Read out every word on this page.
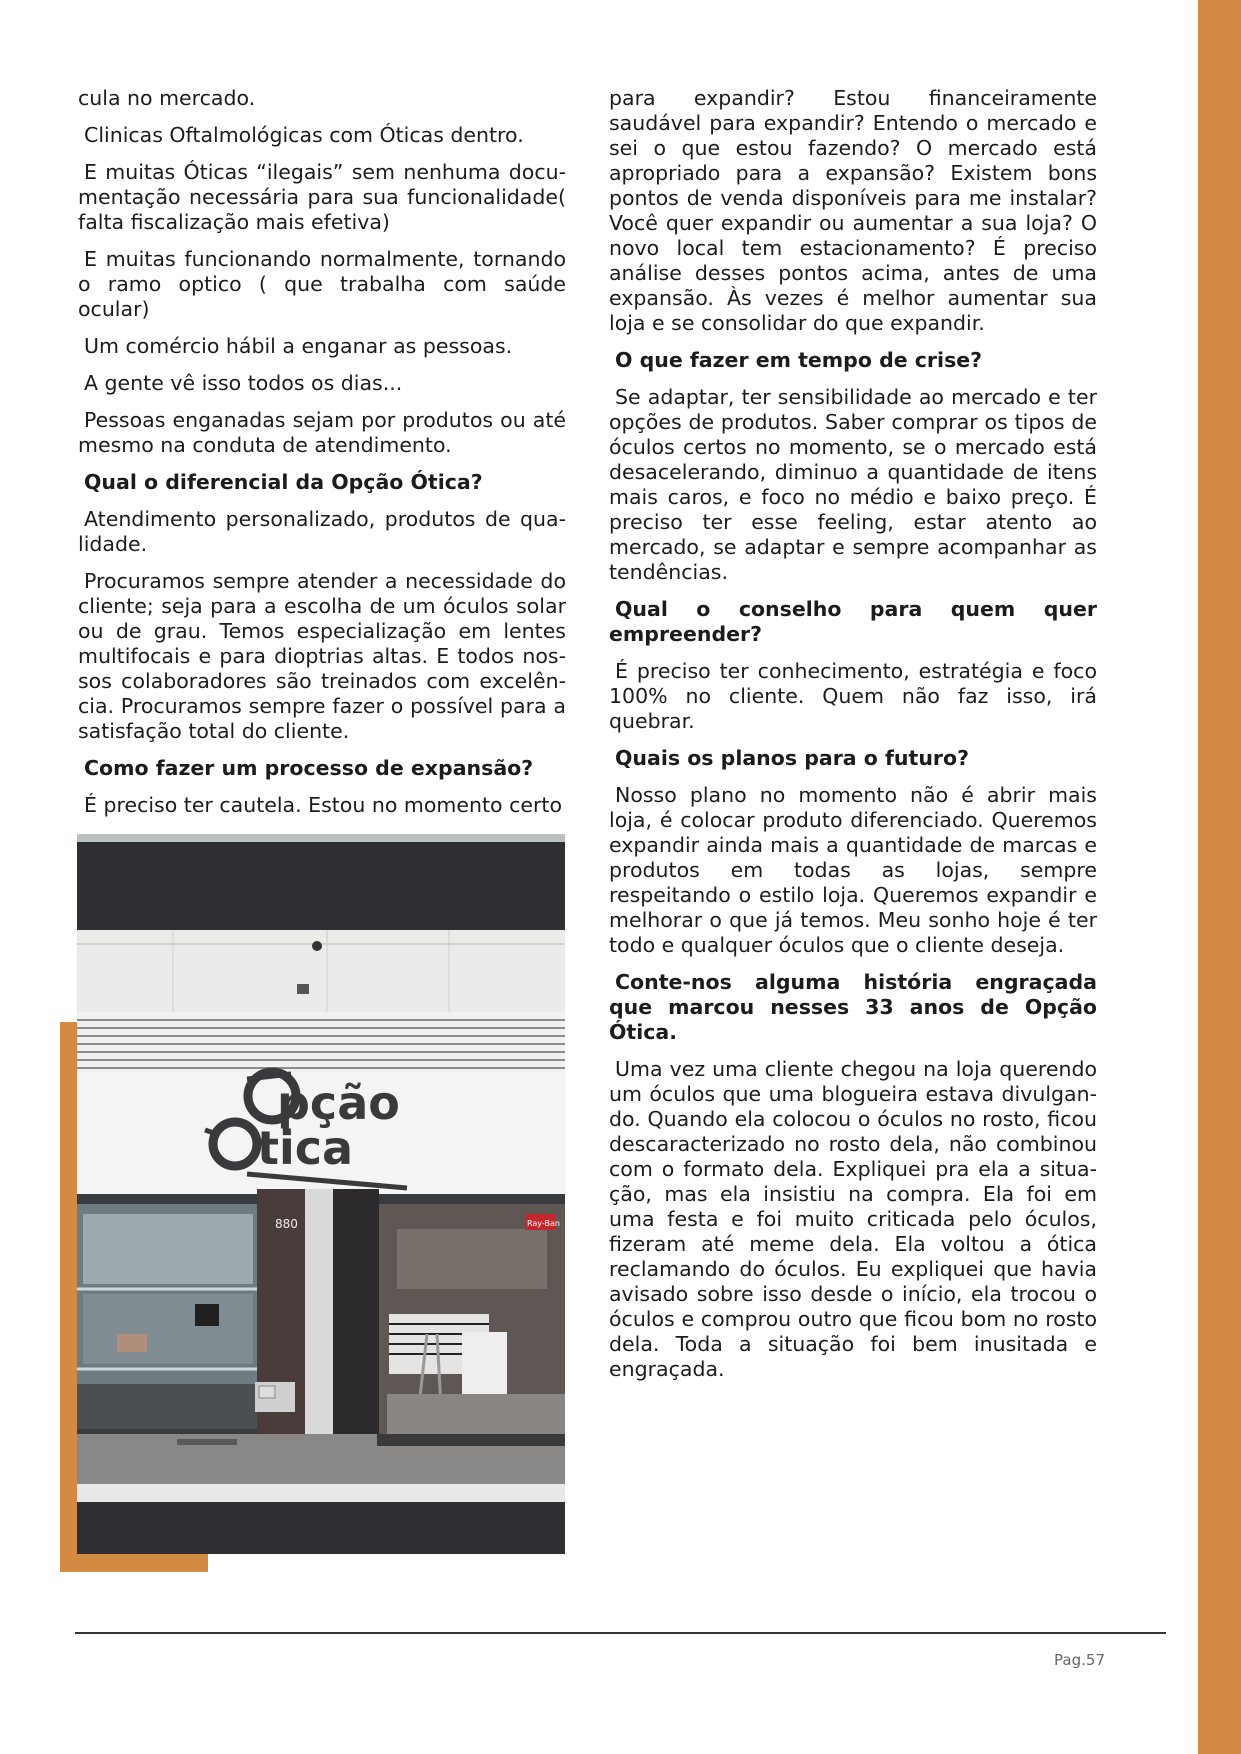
cula no mercado.

Clinicas Oftalmológicas com Óticas dentro.

E muitas Óticas “ilegais” sem nenhuma documentação necessária para sua funcionalidade( falta fiscalização mais efetiva)

E muitas funcionando normalmente, tornando o ramo optico ( que trabalha com saúde ocular)

Um comércio hábil a enganar as pessoas.

A gente vê isso todos os dias...

Pessoas enganadas sejam por produtos ou até mesmo na conduta de atendimento.

Qual o diferencial da Opção Ótica?

Atendimento personalizado, produtos de qualidade.

Procuramos sempre atender a necessidade do cliente; seja para a escolha de um óculos solar ou de grau. Temos especialização em lentes multifocais e para dioptrias altas. E todos nossos colaboradores são treinados com excelência. Procuramos sempre fazer o possível para a satisfação total do cliente.

Como fazer um processo de expansão?

É preciso ter cautela. Estou no momento certo

para expandir? Estou financeiramente saudável para expandir? Entendo o mercado e sei o que estou fazendo? O mercado está apropriado para a expansão? Existem bons pontos de venda disponíveis para me instalar? Você quer expandir ou aumentar a sua loja? O novo local tem estacionamento? É preciso análise desses pontos acima, antes de uma expansão. Às vezes é melhor aumentar sua loja e se consolidar do que expandir.

O que fazer em tempo de crise?

Se adaptar, ter sensibilidade ao mercado e ter opções de produtos. Saber comprar os tipos de óculos certos no momento, se o mercado está desacelerando, diminuo a quantidade de itens mais caros, e foco no médio e baixo preço. É preciso ter esse feeling, estar atento ao mercado, se adaptar e sempre acompanhar as tendências.

Qual o conselho para quem quer empreender?

É preciso ter conhecimento, estratégia e foco 100% no cliente. Quem não faz isso, irá quebrar.

Quais os planos para o futuro?

Nosso plano no momento não é abrir mais loja, é colocar produto diferenciado. Queremos expandir ainda mais a quantidade de marcas e produtos em todas as lojas, sempre respeitando o estilo loja. Queremos expandir e melhorar o que já temos. Meu sonho hoje é ter todo e qualquer óculos que o cliente deseja.

Conte-nos alguma história engraçada que marcou nesses 33 anos de Opção Ótica.

Uma vez uma cliente chegou na loja querendo um óculos que uma blogueira estava divulgando. Quando ela colocou o óculos no rosto, ficou descaracterizado no rosto dela, não combinou com o formato dela. Expliquei pra ela a situação, mas ela insistiu na compra. Ela foi em uma festa e foi muito criticada pelo óculos, fizeram até meme dela. Ela voltou a ótica reclamando do óculos. Eu expliquei que havia avisado sobre isso desde o início, ela trocou o óculos e comprou outro que ficou bom no rosto dela. Toda a situação foi bem inusitada e engraçada.

pção
tica
880	Ray-Ban
Pag.57
